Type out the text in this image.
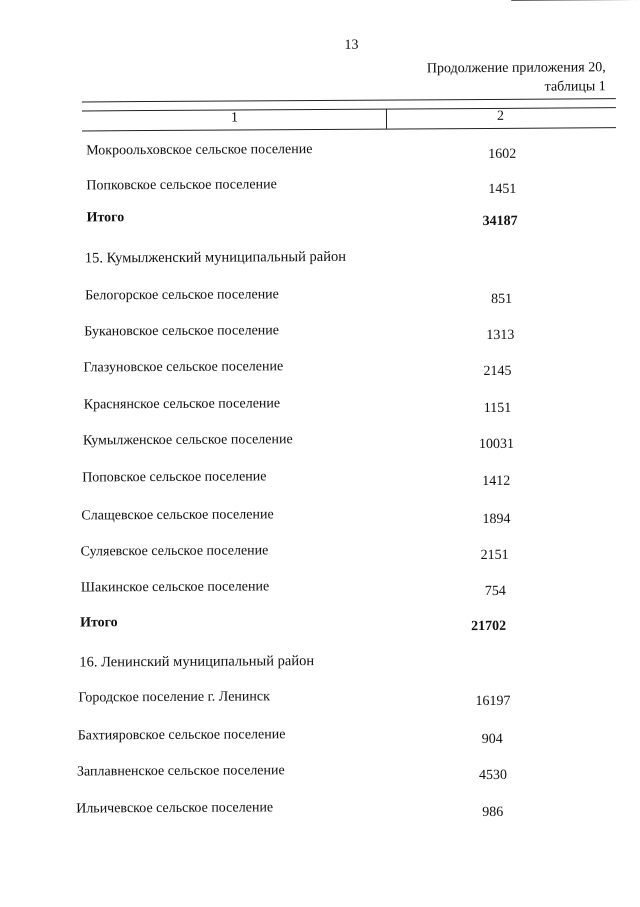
13
Продолжение приложения 20,
таблицы 1
1	2
Мокроольховское сельское поселение	1602
Попковское сельское поселение	1451
Итого	34187
15. Кумылженский муниципальный район
Белогорское сельское поселение	851
Букановское сельское поселение	1313
Глазуновское сельское поселение	2145
Краснянское сельское поселение	1151
Кумылженское сельское поселение	10031
Поповское сельское поселение	1412
Слащевское сельское поселение	1894
Суляевское сельское поселение	2151
Шакинское сельское поселение	754
Итого	21702
16. Ленинский муниципальный район
Городское поселение г. Ленинск	16197
Бахтияровское сельское поселение	904
Заплавненское сельское поселение	4530
Ильичевское сельское поселение	986
